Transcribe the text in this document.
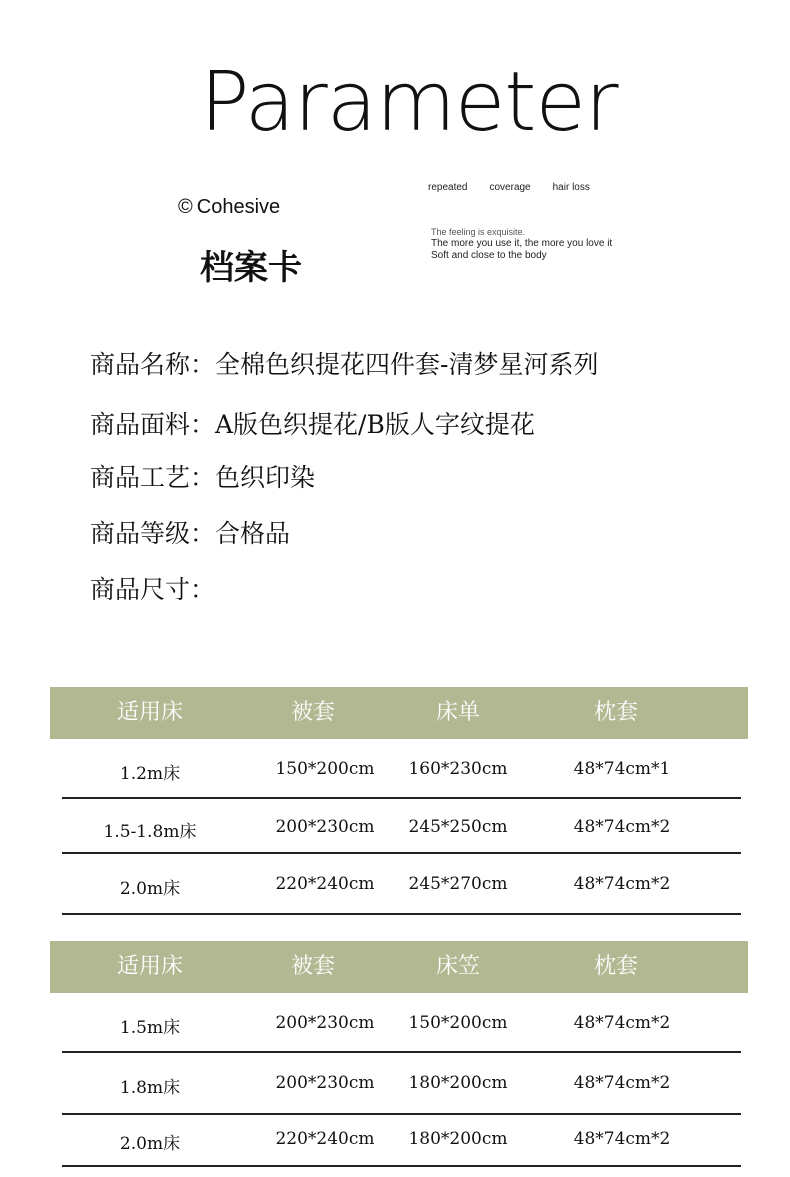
Parameter
© Cohesive
档案卡
repeated coverage hair loss
The feeling is exquisite.
The more you use it, the more you love it
Soft and close to the body
商品名称：全棉色织提花四件套-清梦星河系列
商品面料：A版色织提花/B版人字纹提花
商品工艺：色织印染
商品等级：合格品
商品尺寸：
适用床	被套	床单	枕套
1.2m床	150*200cm 160*230cm	48*74cm*1
1.5-1.8m床	200*230cm 245*250cm	48*74cm*2
2.0m床	220*240cm 245*270cm	48*74cm*2
适用床	被套	床笠	枕套
1.5m床	200*230cm 150*200cm	48*74cm*2
1.8m床	200*230cm 180*200cm	48*74cm*2
2.0m床	220*240cm 180*200cm	48*74cm*2
